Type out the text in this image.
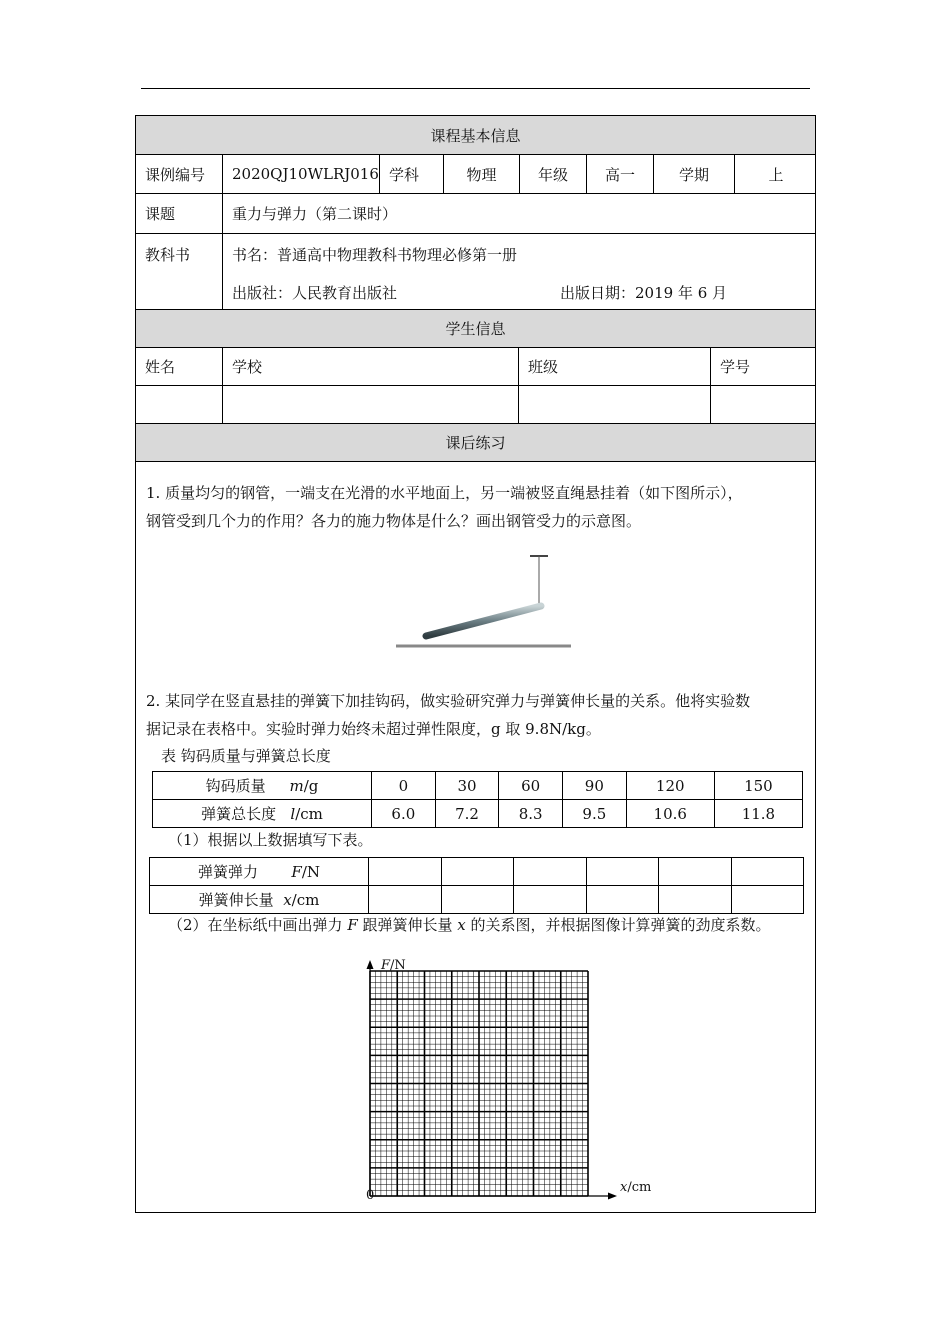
课程基本信息
课例编号	2020QJ10WLRJ016 学科	物理	年级	高一	学期	上
课题	重力与弹力（第二课时）
教科书	书名：普通高中物理教科书物理必修第一册
出版社：人民教育出版社	出版日期：2019 年 6 月
学生信息
姓名	学校	班级	学号
课后练习
1. 质量均匀的钢管，一端支在光滑的水平地面上，另一端被竖直绳悬挂着（如下图所示），
钢管受到几个力的作用？各力的施力物体是什么？画出钢管受力的示意图。
2. 某同学在竖直悬挂的弹簧下加挂钩码，做实验研究弹力与弹簧伸长量的关系。他将实验数
据记录在表格中。实验时弹力始终未超过弹性限度，g 取 9.8N/kg。
表 钩码质量与弹簧总长度
钩码质量 m/g	0	30	60	90	120	150
弹簧总长度 l/cm	6.0	7.2	8.3	9.5	10.6	11.8
（1）根据以上数据填写下表。
弹簧弹力 F/N						
弹簧伸长量 x/cm						
（2）在坐标纸中画出弹力 F 跟弹簧伸长量 x 的关系图，并根据图像计算弹簧的劲度系数。
F/N
x/cm
0
